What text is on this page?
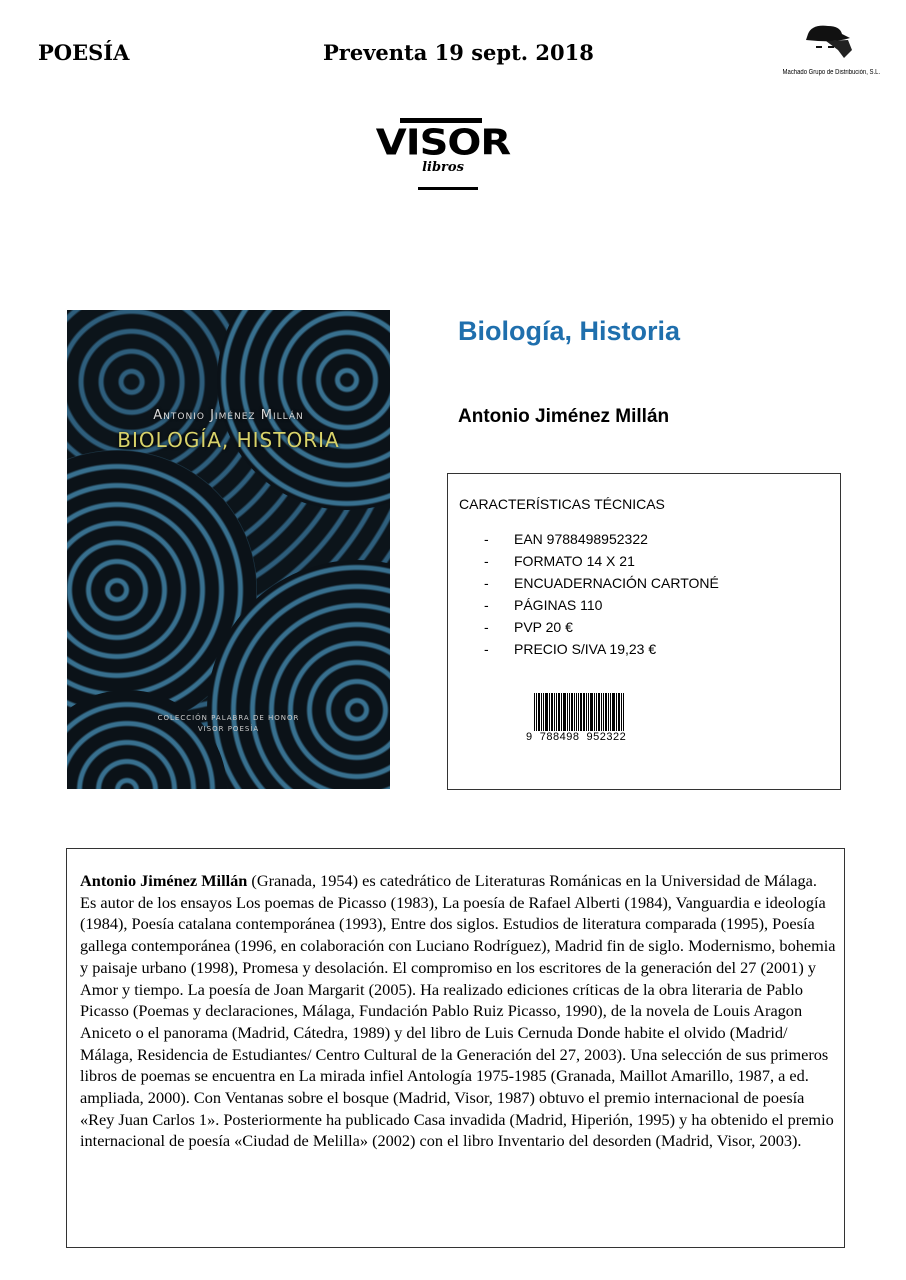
POESÍA	Preventa 19 sept. 2018
Machado Grupo de Distribución, S.L.
VISOR
libros
Antonio Jiménez Millán
BIOLOGÍA, HISTORIA
COLECCIÓN PALABRA DE HONOR
VISOR POESÍA
Biología, Historia
Antonio Jiménez Millán
CARACTERÍSTICAS TÉCNICAS
- EAN 9788498952322
- FORMATO 14 X 21
- ENCUADERNACIÓN CARTONÉ
- PÁGINAS 110
- PVP 20 €
- PRECIO S/IVA 19,23 €
9  788498  952322

Antonio Jiménez Millán (Granada, 1954) es catedrático de Literaturas Románicas en la Universidad de Málaga. Es autor de los ensayos Los poemas de Picasso (1983), La poesía de Rafael Alberti (1984), Vanguardia e ideología (1984), Poesía catalana contemporánea (1993), Entre dos siglos. Estudios de literatura comparada (1995), Poesía gallega contemporánea (1996, en colaboración con Luciano Rodríguez), Madrid fin de siglo. Modernismo, bohemia y paisaje urbano (1998), Promesa y desolación. El compromiso en los escritores de la generación del 27 (2001) y Amor y tiempo. La poesía de Joan Margarit (2005). Ha realizado ediciones críticas de la obra literaria de Pablo Picasso (Poemas y declaraciones, Málaga, Fundación Pablo Ruiz Picasso, 1990), de la novela de Louis Aragon Aniceto o el panorama (Madrid, Cátedra, 1989) y del libro de Luis Cernuda Donde habite el olvido (Madrid/ Málaga, Residencia de Estudiantes/ Centro Cultural de la Generación del 27, 2003). Una selección de sus primeros libros de poemas se encuentra en La mirada infiel Antología 1975-1985 (Granada, Maillot Amarillo, 1987, a ed. ampliada, 2000). Con Ventanas sobre el bosque (Madrid, Visor, 1987) obtuvo el premio internacional de poesía «Rey Juan Carlos 1». Posteriormente ha publicado Casa invadida (Madrid, Hiperión, 1995) y ha obtenido el premio internacional de poesía «Ciudad de Melilla» (2002) con el libro Inventario del desorden (Madrid, Visor, 2003).
